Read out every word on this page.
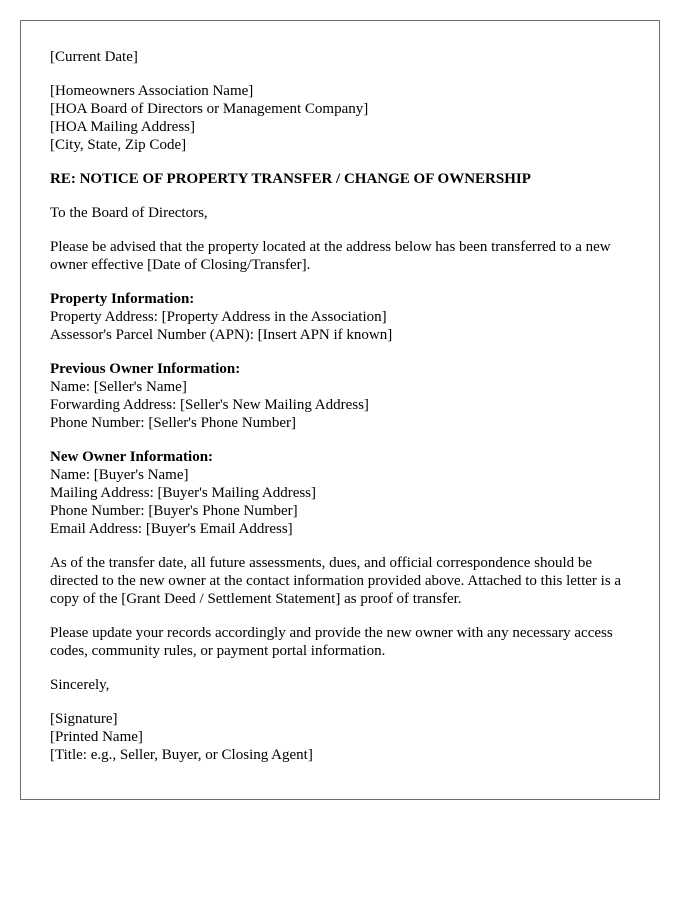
[Current Date]
[Homeowners Association Name]
[HOA Board of Directors or Management Company]
[HOA Mailing Address]
[City, State, Zip Code]
RE: NOTICE OF PROPERTY TRANSFER / CHANGE OF OWNERSHIP
To the Board of Directors,
Please be advised that the property located at the address below has been transferred to a new owner effective [Date of Closing/Transfer].
Property Information:
Property Address: [Property Address in the Association]
Assessor's Parcel Number (APN): [Insert APN if known]
Previous Owner Information:
Name: [Seller's Name]
Forwarding Address: [Seller's New Mailing Address]
Phone Number: [Seller's Phone Number]
New Owner Information:
Name: [Buyer's Name]
Mailing Address: [Buyer's Mailing Address]
Phone Number: [Buyer's Phone Number]
Email Address: [Buyer's Email Address]
As of the transfer date, all future assessments, dues, and official correspondence should be directed to the new owner at the contact information provided above. Attached to this letter is a copy of the [Grant Deed / Settlement Statement] as proof of transfer.
Please update your records accordingly and provide the new owner with any necessary access codes, community rules, or payment portal information.
Sincerely,
[Signature]
[Printed Name]
[Title: e.g., Seller, Buyer, or Closing Agent]
